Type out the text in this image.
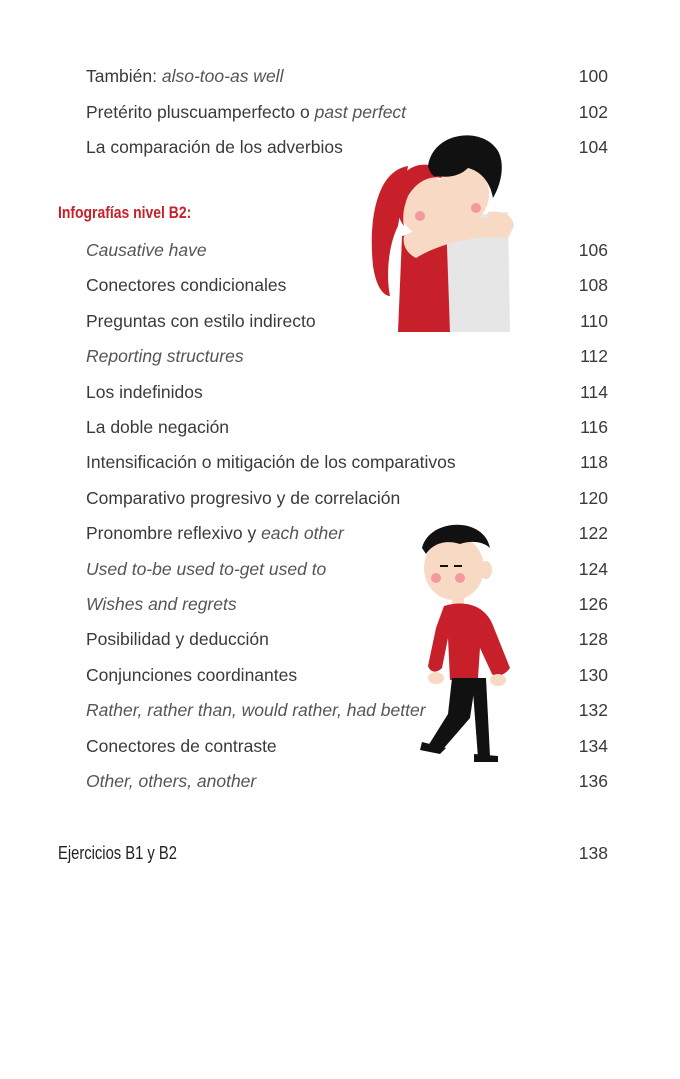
También: also-too-as well	100
Pretérito pluscuamperfecto o past perfect	102
La comparación de los adverbios	104
Infografías nivel B2:
Causative have	106
Conectores condicionales	108
Preguntas con estilo indirecto	110
Reporting structures	112
Los indefinidos	114
La doble negación	116
Intensificación o mitigación de los comparativos	118
Comparativo progresivo y de correlación	120
Pronombre reflexivo y each other	122
Used to-be used to-get used to	124
Wishes and regrets	126
Posibilidad y deducción	128
Conjunciones coordinantes	130
Rather, rather than, would rather, had better	132
Conectores de contraste	134
Other, others, another	136
Ejercicios B1 y B2	138
